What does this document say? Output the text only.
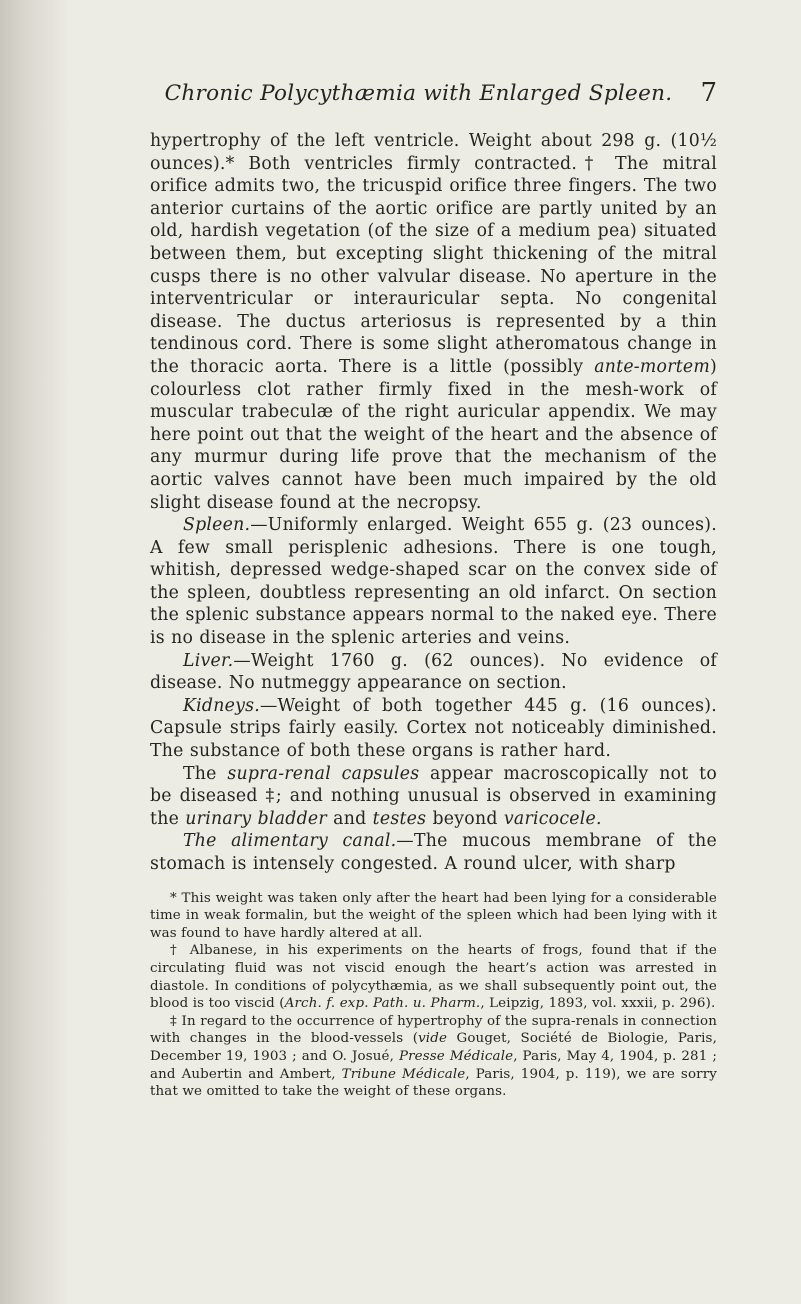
Chronic Polycythæmia with Enlarged Spleen.	7

hypertrophy of the left ventricle. Weight about 298 g. (10½ ounces).* Both ventricles firmly contracted.† The mitral orifice admits two, the tricuspid orifice three fingers. The two anterior curtains of the aortic orifice are partly united by an old, hardish vegetation (of the size of a medium pea) situated between them, but excepting slight thickening of the mitral cusps there is no other valvular disease. No aperture in the interventricular or interauricular septa. No congenital disease. The ductus arteriosus is represented by a thin tendinous cord. There is some slight atheromatous change in the thoracic aorta. There is a little (possibly ante-mortem) colourless clot rather firmly fixed in the mesh-work of muscular trabeculæ of the right auricular appendix. We may here point out that the weight of the heart and the absence of any murmur during life prove that the mechanism of the aortic valves cannot have been much impaired by the old slight disease found at the necropsy.

Spleen.—Uniformly enlarged. Weight 655 g. (23 ounces). A few small perisplenic adhesions. There is one tough, whitish, depressed wedge-shaped scar on the convex side of the spleen, doubtless representing an old infarct. On section the splenic substance appears normal to the naked eye. There is no disease in the splenic arteries and veins.

Liver.—Weight 1760 g. (62 ounces). No evidence of disease. No nutmeggy appearance on section.

Kidneys.—Weight of both together 445 g. (16 ounces). Capsule strips fairly easily. Cortex not noticeably diminished. The substance of both these organs is rather hard.

The supra-renal capsules appear macroscopically not to be diseased ‡; and nothing unusual is observed in examining the urinary bladder and testes beyond varicocele.

The alimentary canal.—The mucous membrane of the stomach is intensely congested. A round ulcer, with sharp

* This weight was taken only after the heart had been lying for a considerable time in weak formalin, but the weight of the spleen which had been lying with it was found to have hardly altered at all.

† Albanese, in his experiments on the hearts of frogs, found that if the circulating fluid was not viscid enough the heart’s action was arrested in diastole. In conditions of polycythæmia, as we shall subsequently point out, the blood is too viscid (Arch. f. exp. Path. u. Pharm., Leipzig, 1893, vol. xxxii, p. 296).

‡ In regard to the occurrence of hypertrophy of the supra-renals in connection with changes in the blood-vessels (vide Gouget, Société de Biologie, Paris, December 19, 1903 ; and O. Josué, Presse Médicale, Paris, May 4, 1904, p. 281 ; and Aubertin and Ambert, Tribune Médicale, Paris, 1904, p. 119), we are sorry that we omitted to take the weight of these organs.
